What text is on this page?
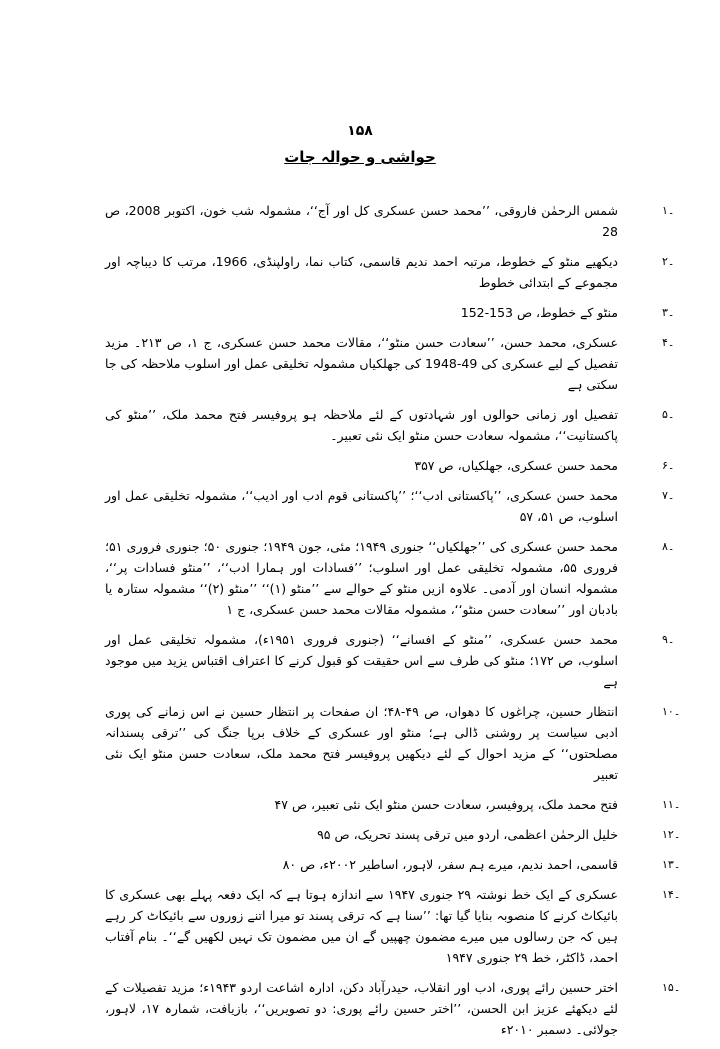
۱۵۸
حواشی و حوالہ جات
۱۔
شمس الرحمٰن فاروقی، ’’محمد حسن عسکری کل اور آج‘‘، مشمولہ شب خون، اکتوبر 2008، ص 28
۲۔
دیکھیے منٹو کے خطوط، مرتبہ احمد ندیم قاسمی، کتاب نما، راولپنڈی، 1966، مرتب کا دیباچہ اور مجموعے کے ابتدائی خطوط
۳۔
منٹو کے خطوط، ص 153-152
۴۔
عسکری، محمد حسن، ’’سعادت حسن منٹو‘‘، مقالات محمد حسن عسکری، ج ۱، ص ۲۱۳۔ مزید تفصیل کے لیے عسکری کی 49-1948 کی جھلکیاں مشمولہ تخلیقی عمل اور اسلوب ملاحظہ کی جا سکتی ہے
۵۔
تفصیل اور زمانی حوالوں اور شہادتوں کے لئے ملاحظہ ہو پروفیسر فتح محمد ملک، ’’منٹو کی پاکستانیت‘‘، مشمولہ سعادت حسن منٹو ایک نئی تعبیر۔
۶۔
محمد حسن عسکری، جھلکیاں، ص ۳۵۷
۷۔
محمد حسن عسکری، ’’پاکستانی ادب‘‘؛ ’’پاکستانی قوم ادب اور ادیب‘‘، مشمولہ تخلیقی عمل اور اسلوب، ص ۵۱، ۵۷
۸۔
محمد حسن عسکری کی ’’جھلکیاں‘‘ جنوری ۱۹۴۹؛ مئی، جون ۱۹۴۹؛ جنوری ۵۰؛ جنوری فروری ۵۱؛ فروری ۵۵، مشمولہ تخلیقی عمل اور اسلوب؛ ’’فسادات اور ہمارا ادب‘‘، ’’منٹو فسادات پر‘‘، مشمولہ انسان اور آدمی۔ علاوہ ازیں منٹو کے حوالے سے ’’منٹو (۱)‘‘ ’’منٹو (۲)‘‘ مشمولہ ستارہ یا بادبان اور ’’سعادت حسن منٹو‘‘، مشمولہ مقالات محمد حسن عسکری، ج ۱
۹۔
محمد حسن عسکری، ’’منٹو کے افسانے‘‘ (جنوری فروری ۱۹۵۱ء)، مشمولہ تخلیقی عمل اور اسلوب، ص ۱۷۲؛ منٹو کی طرف سے اس حقیقت کو قبول کرنے کا اعتراف اقتباس یزید میں موجود ہے
۱۰۔
انتظار حسین، چراغوں کا دھواں، ص ۴۹-۴۸؛ ان صفحات پر انتظار حسین نے اس زمانے کی پوری ادبی سیاست پر روشنی ڈالی ہے؛ منٹو اور عسکری کے خلاف برپا جنگ کی ’’ترقی پسندانہ مصلحتوں‘‘ کے مزید احوال کے لئے دیکھیں پروفیسر فتح محمد ملک، سعادت حسن منٹو ایک نئی تعبیر
۱۱۔
فتح محمد ملک، پروفیسر، سعادت حسن منٹو ایک نئی تعبیر، ص ۴۷
۱۲۔
خلیل الرحمٰن اعظمی، اردو میں ترقی پسند تحریک، ص ۹۵
۱۳۔
قاسمی، احمد ندیم، میرے ہم سفر، لاہور، اساطیر ۲۰۰۲ء، ص ۸۰
۱۴۔
عسکری کے ایک خط نوشتہ ۲۹ جنوری ۱۹۴۷ سے اندازہ ہوتا ہے کہ ایک دفعہ پہلے بھی عسکری کا بائیکاٹ کرنے کا منصوبہ بنایا گیا تھا: ’’سنا ہے کہ ترقی پسند تو میرا اتنے زوروں سے بائیکاٹ کر رہے ہیں کہ جن رسالوں میں میرے مضمون چھپیں گے ان میں مضمون تک نہیں لکھیں گے‘‘۔ بنام آفتاب احمد، ڈاکٹر، خط ۲۹ جنوری ۱۹۴۷
۱۵۔
اختر حسین رائے پوری، ادب اور انقلاب، حیدرآباد دکن، ادارہ اشاعت اردو ۱۹۴۳ء؛ مزید تفصیلات کے لئے دیکھئے عزیز ابن الحسن، ’’اختر حسین رائے پوری: دو تصویریں‘‘، بازیافت، شمارہ ۱۷، لاہور، جولائی۔ دسمبر ۲۰۱۰ء
